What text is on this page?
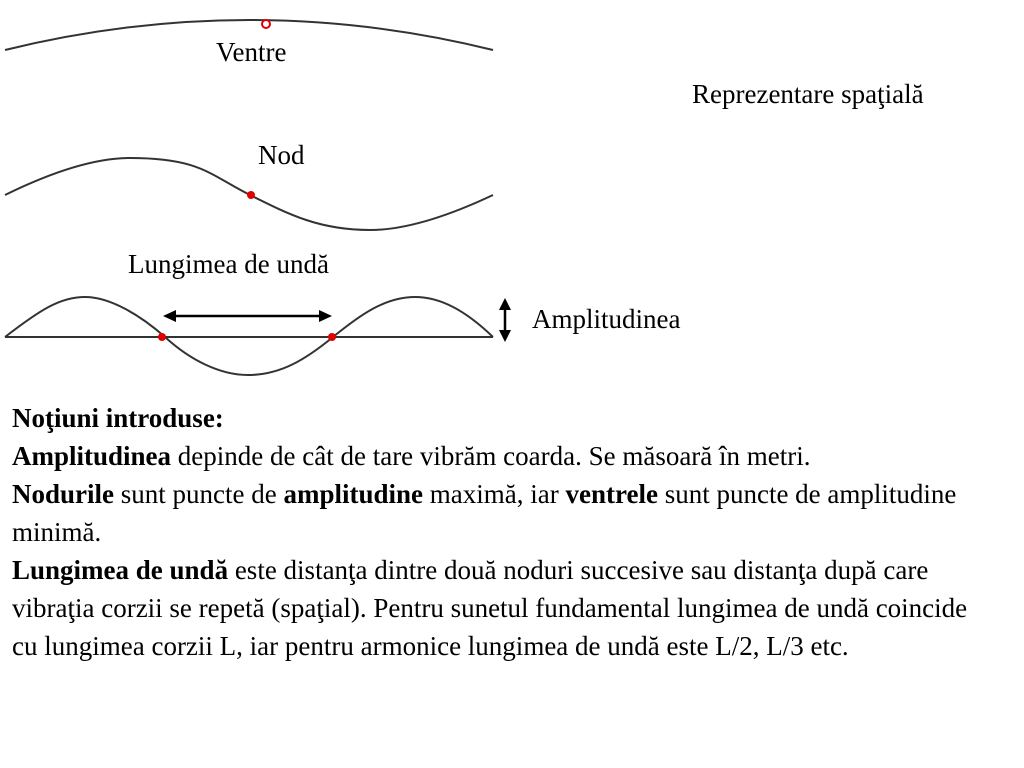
Ventre
Reprezentare spaţială
Nod
Lungimea de undă
Amplitudinea

Noţiuni introduse:

Amplitudinea depinde de cât de tare vibrăm coarda. Se măsoară în metri.

Nodurile sunt puncte de amplitudine maximă, iar ventrele sunt puncte de amplitudine minimă.

Lungimea de undă este distanţa dintre două noduri succesive sau distanţa după care vibraţia corzii se repetă (spaţial). Pentru sunetul fundamental lungimea de undă coincide cu lungimea corzii L, iar pentru armonice lungimea de undă este L/2, L/3 etc.
